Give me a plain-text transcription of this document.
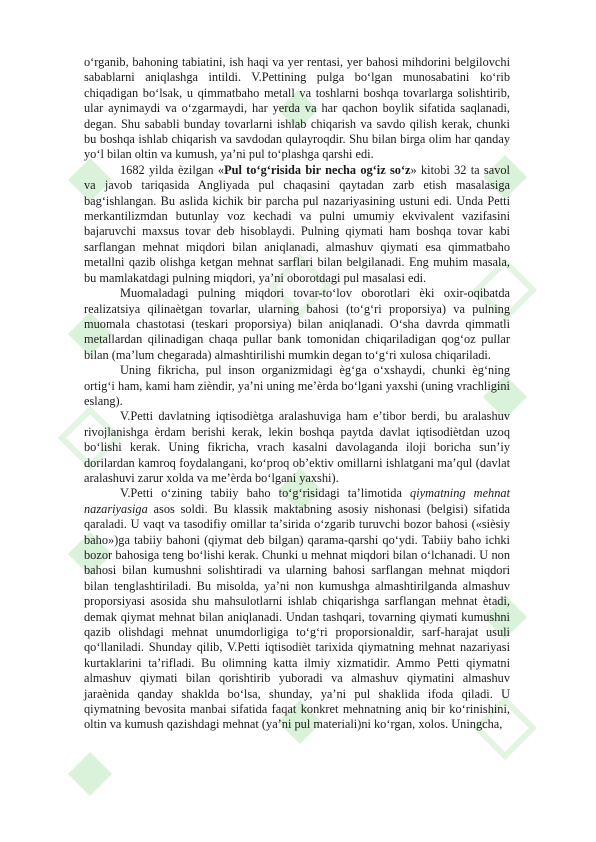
oʻrganib, bahoning tabiatini, ish haqi va yer rentasi, yer bahosi mihdorini belgilovchi sabablarni aniqlashga intildi. V.Pettining pulga boʻlgan munosabatini koʻrib chiqadigan boʻlsak, u qimmatbaho metall va toshlarni boshqa tovarlarga solishtirib, ular aynimaydi va oʻzgarmaydi, har yerda va har qachon boylik sifatida saqlanadi, degan. Shu sababli bunday tovarlarni ishlab chiqarish va savdo qilish kerak, chunki bu boshqa ishlab chiqarish va savdodan qulayroqdir. Shu bilan birga olim har qanday yoʻl bilan oltin va kumush, yaʼni pul toʻplashga qarshi edi.

1682 yilda èzilgan «Pul toʻgʻrisida bir necha ogʻiz soʻz» kitobi 32 ta savol va javob tariqasida Angliyada pul chaqasini qaytadan zarb etish masalasiga bagʻishlangan. Bu aslida kichik bir parcha pul nazariyasining ustuni edi. Unda Petti merkantilizmdan butunlay voz kechadi va pulni umumiy ekvivalent vazifasini bajaruvchi maxsus tovar deb hisoblaydi. Pulning qiymati ham boshqa tovar kabi sarflangan mehnat miqdori bilan aniqlanadi, almashuv qiymati esa qimmatbaho metallni qazib olishga ketgan mehnat sarflari bilan belgilanadi. Eng muhim masala, bu mamlakatdagi pulning miqdori, yaʼni oborotdagi pul masalasi edi.

Muomaladagi pulning miqdori tovar-toʻlov oborotlari èki oxir-oqibatda realizatsiya qilinaètgan tovarlar, ularning bahosi (toʻgʻri proporsiya) va pulning muomala chastotasi (teskari proporsiya) bilan aniqlanadi. Oʻsha davrda qimmatli metallardan qilinadigan chaqa pullar bank tomonidan chiqariladigan qogʻoz pullar bilan (maʼlum chegarada) almashtirilishi mumkin degan toʻgʻri xulosa chiqariladi.

Uning fikricha, pul inson organizmidagi ègʻga oʻxshaydi, chunki ègʻning ortigʻi ham, kami ham zièndir, yaʼni uning meʼèrda boʻlgani yaxshi (uning vrachligini eslang).

V.Petti davlatning iqtisodiètga aralashuviga ham eʼtibor berdi, bu aralashuv rivojlanishga èrdam berishi kerak, lekin boshqa paytda davlat iqtisodiètdan uzoq boʻlishi kerak. Uning fikricha, vrach kasalni davolaganda iloji boricha sunʼiy dorilardan kamroq foydalangani, koʻproq obʼektiv omillarni ishlatgani maʼqul (davlat aralashuvi zarur xolda va meʼèrda boʻlgani yaxshi).

V.Petti oʻzining tabiiy baho toʻgʻrisidagi taʼlimotida qiymatning mehnat nazariyasiga asos soldi. Bu klassik maktabning asosiy nishonasi (belgisi) sifatida qaraladi. U vaqt va tasodifiy omillar taʼsirida oʻzgarib turuvchi bozor bahosi («sièsiy baho»)ga tabiiy bahoni (qiymat deb bilgan) qarama-qarshi qoʻydi. Tabiiy baho ichki bozor bahosiga teng boʻlishi kerak. Chunki u mehnat miqdori bilan oʻlchanadi. U non bahosi bilan kumushni solishtiradi va ularning bahosi sarflangan mehnat miqdori bilan tenglashtiriladi. Bu misolda, yaʼni non kumushga almashtirilganda almashuv proporsiyasi asosida shu mahsulotlarni ishlab chiqarishga sarflangan mehnat ètadi, demak qiymat mehnat bilan aniqlanadi. Undan tashqari, tovarning qiymati kumushni qazib olishdagi mehnat unumdorligiga toʻgʻri proporsionaldir, sarf-harajat usuli qoʻllaniladi. Shunday qilib, V.Petti iqtisodièt tarixida qiymatning mehnat nazariyasi kurtaklarini taʼrifladi. Bu olimning katta ilmiy xizmatidir. Ammo Petti qiymatni almashuv qiymati bilan qorishtirib yuboradi va almashuv qiymatini almashuv jaraènida qanday shaklda boʻlsa, shunday, yaʼni pul shaklida ifoda qiladi. U qiymatning bevosita manbai sifatida faqat konkret mehnatning aniq bir koʻrinishini, oltin va kumush qazishdagi mehnat (yaʼni pul materiali)ni koʻrgan, xolos. Uningcha,
